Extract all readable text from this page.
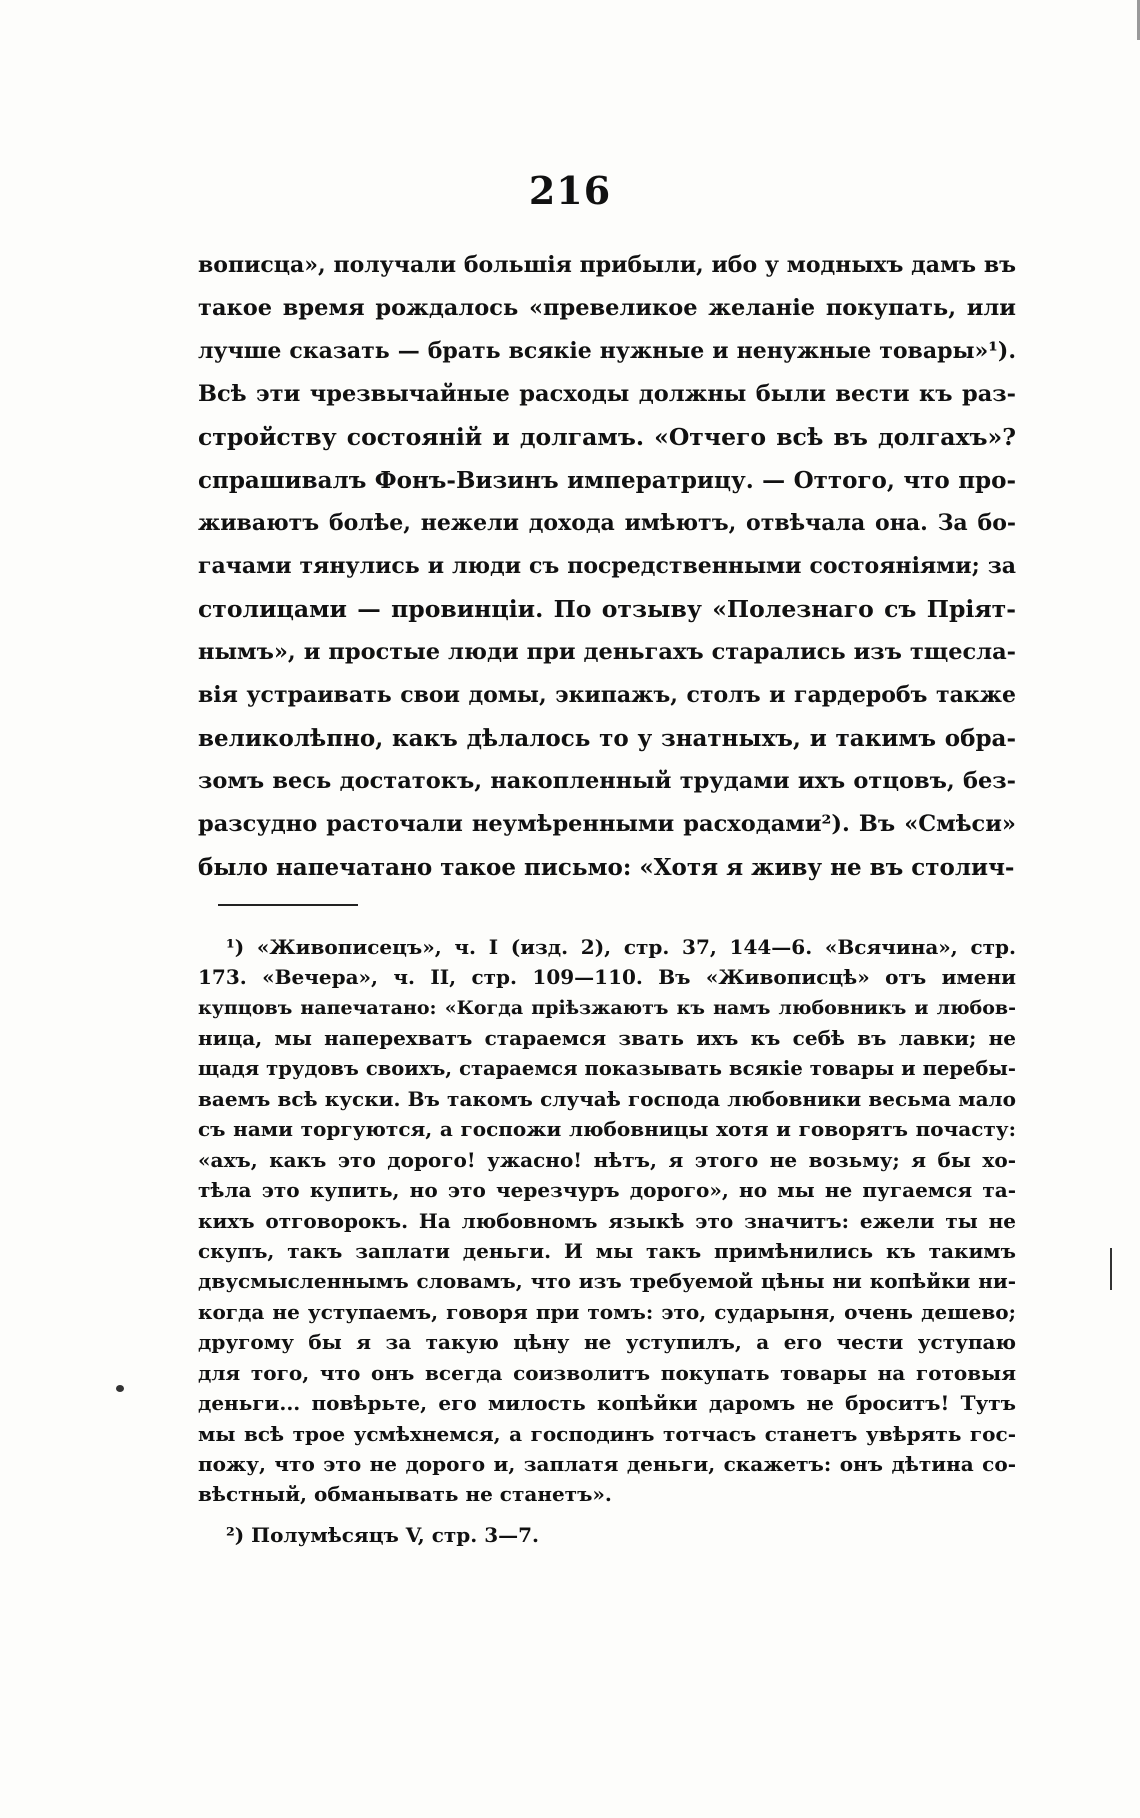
216
вописца», получали большія прибыли, ибо у модныхъ дамъ въ
такое время рождалось «превеликое желаніе покупать, или
лучше сказать — брать всякіе нужные и ненужные товары»¹).
Всѣ эти чрезвычайные расходы должны были вести къ раз-
стройству состояній и долгамъ. «Отчего всѣ въ долгахъ»?
спрашивалъ Фонъ-Визинъ императрицу. — Оттого, что про-
живаютъ болѣе, нежели дохода имѣютъ, отвѣчала она. За бо-
гачами тянулись и люди съ посредственными состояніями; за
столицами — провинціи. По отзыву «Полезнаго съ Пріят-
нымъ», и простые люди при деньгахъ старались изъ тщесла-
вія устраивать свои домы, экипажъ, столъ и гардеробъ также
великолѣпно, какъ дѣлалось то у знатныхъ, и такимъ обра-
зомъ весь достатокъ, накопленный трудами ихъ отцовъ, без-
разсудно расточали неумѣренными расходами²). Въ «Смѣси»
было напечатано такое письмо: «Хотя я живу не въ столич-
¹) «Живописецъ», ч. I (изд. 2), стр. 37, 144—6. «Всячина», стр.
173. «Вечера», ч. II, стр. 109—110. Въ «Живописцѣ» отъ имени
купцовъ напечатано: «Когда пріѣзжаютъ къ намъ любовникъ и любов-
ница, мы наперехватъ стараемся звать ихъ къ себѣ въ лавки; не
щадя трудовъ своихъ, стараемся показывать всякіе товары и перебы-
ваемъ всѣ куски. Въ такомъ случаѣ господа любовники весьма мало
съ нами торгуются, а госпожи любовницы хотя и говорятъ почасту:
«ахъ, какъ это дорого! ужасно! нѣтъ, я этого не возьму; я бы хо-
тѣла это купить, но это черезчуръ дорого», но мы не пугаемся та-
кихъ отговорокъ. На любовномъ языкѣ это значитъ: ежели ты не
скупъ, такъ заплати деньги. И мы такъ примѣнились къ такимъ
двусмысленнымъ словамъ, что изъ требуемой цѣны ни копѣйки ни-
когда не уступаемъ, говоря при томъ: это, сударыня, очень дешево;
другому бы я за такую цѣну не уступилъ, а его чести уступаю
для того, что онъ всегда соизволитъ покупать товары на готовыя
деньги... повѣрьте, его милость копѣйки даромъ не броситъ! Тутъ
мы всѣ трое усмѣхнемся, а господинъ тотчасъ станетъ увѣрять гос-
пожу, что это не дорого и, заплатя деньги, скажетъ: онъ дѣтина со-
вѣстный, обманывать не станетъ».
²) Полумѣсяцъ V, стр. 3—7.
